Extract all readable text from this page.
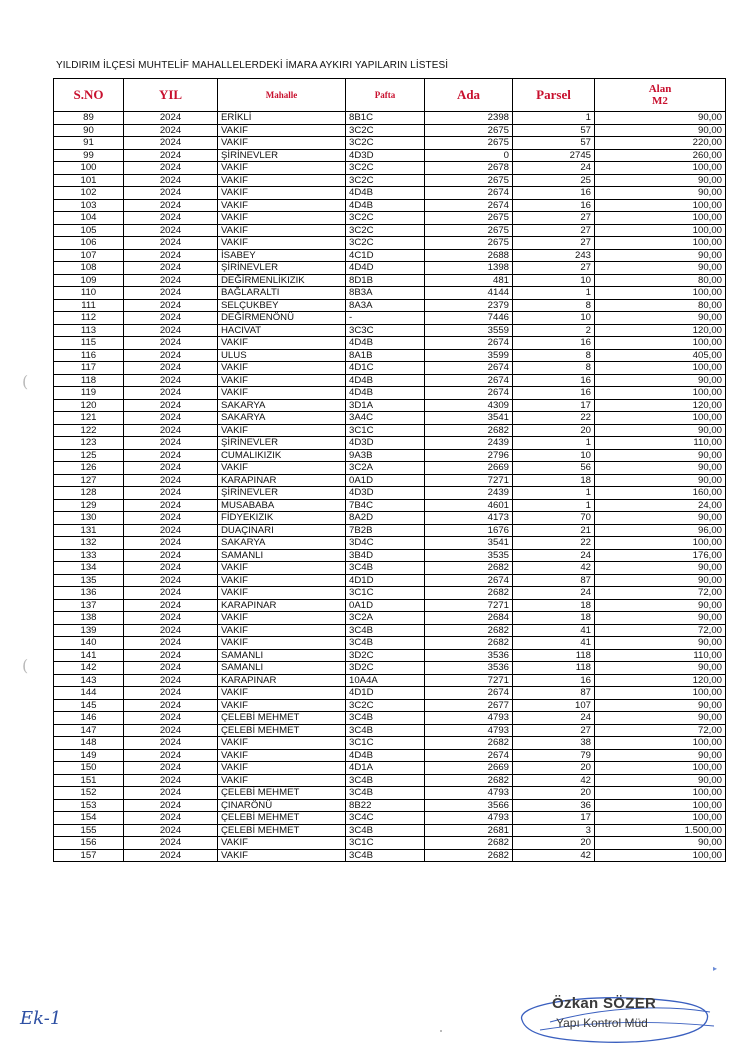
YILDIRIM İLÇESİ MUHTELİF MAHALLELERDEKİ İMARA AYKIRI YAPILARIN LİSTESİ
S.NO	YIL	Mahalle	Pafta	Ada	Parsel	Alan
M2

89	2024	ERİKLİ	8B1C	2398	1	90,00
90	2024	VAKIF	3C2C	2675	57	90,00
91	2024	VAKIF	3C2C	2675	57	220,00
99	2024	ŞİRİNEVLER	4D3D	0	2745	260,00
100	2024	VAKIF	3C2C	2678	24	100,00
101	2024	VAKIF	3C2C	2675	25	90,00
102	2024	VAKIF	4D4B	2674	16	90,00
103	2024	VAKIF	4D4B	2674	16	100,00
104	2024	VAKIF	3C2C	2675	27	100,00
105	2024	VAKIF	3C2C	2675	27	100,00
106	2024	VAKIF	3C2C	2675	27	100,00
107	2024	İSABEY	4C1D	2688	243	90,00
108	2024	ŞİRİNEVLER	4D4D	1398	27	90,00
109	2024	DEĞİRMENLİKIZIK	8D1B	481	10	80,00
110	2024	BAĞLARALTI	8B3A	4144	1	100,00
111	2024	SELÇUKBEY	8A3A	2379	8	80,00
112	2024	DEĞİRMENÖNÜ	-	7446	10	90,00
113	2024	HACIVAT	3C3C	3559	2	120,00
115	2024	VAKIF	4D4B	2674	16	100,00
116	2024	ULUS	8A1B	3599	8	405,00
117	2024	VAKIF	4D1C	2674	8	100,00
118	2024	VAKIF	4D4B	2674	16	90,00
119	2024	VAKIF	4D4B	2674	16	100,00
120	2024	SAKARYA	3D1A	4309	17	120,00
121	2024	SAKARYA	3A4C	3541	22	100,00
122	2024	VAKIF	3C1C	2682	20	90,00
123	2024	ŞİRİNEVLER	4D3D	2439	1	110,00
125	2024	CUMALIKIZIK	9A3B	2796	10	90,00
126	2024	VAKIF	3C2A	2669	56	90,00
127	2024	KARAPINAR	0A1D	7271	18	90,00
128	2024	ŞİRİNEVLER	4D3D	2439	1	160,00
129	2024	MUSABABA	7B4C	4601	1	24,00
130	2024	FİDYEKIZIK	8A2D	4173	70	90,00
131	2024	DUAÇINARI	7B2B	1676	21	96,00
132	2024	SAKARYA	3D4C	3541	22	100,00
133	2024	SAMANLI	3B4D	3535	24	176,00
134	2024	VAKIF	3C4B	2682	42	90,00
135	2024	VAKIF	4D1D	2674	87	90,00
136	2024	VAKIF	3C1C	2682	24	72,00
137	2024	KARAPINAR	0A1D	7271	18	90,00
138	2024	VAKIF	3C2A	2684	18	90,00
139	2024	VAKIF	3C4B	2682	41	72,00
140	2024	VAKIF	3C4B	2682	41	90,00
141	2024	SAMANLI	3D2C	3536	118	110,00
142	2024	SAMANLI	3D2C	3536	118	90,00
143	2024	KARAPINAR	10A4A	7271	16	120,00
144	2024	VAKIF	4D1D	2674	87	100,00
145	2024	VAKIF	3C2C	2677	107	90,00
146	2024	ÇELEBİ MEHMET	3C4B	4793	24	90,00
147	2024	ÇELEBİ MEHMET	3C4B	4793	27	72,00
148	2024	VAKIF	3C1C	2682	38	100,00
149	2024	VAKIF	4D4B	2674	79	90,00
150	2024	VAKIF	4D1A	2669	20	100,00
151	2024	VAKIF	3C4B	2682	42	90,00
152	2024	ÇELEBİ MEHMET	3C4B	4793	20	100,00
153	2024	ÇINARÖNÜ	8B22	3566	36	100,00
154	2024	ÇELEBİ MEHMET	3C4C	4793	17	100,00
155	2024	ÇELEBİ MEHMET	3C4B	2681	3	1.500,00
156	2024	VAKIF	3C1C	2682	20	90,00
157	2024	VAKIF	3C4B	2682	42	100,00
(
(
▸
Ek-1
Özkan SÖZER
Yapı Kontrol Müd
